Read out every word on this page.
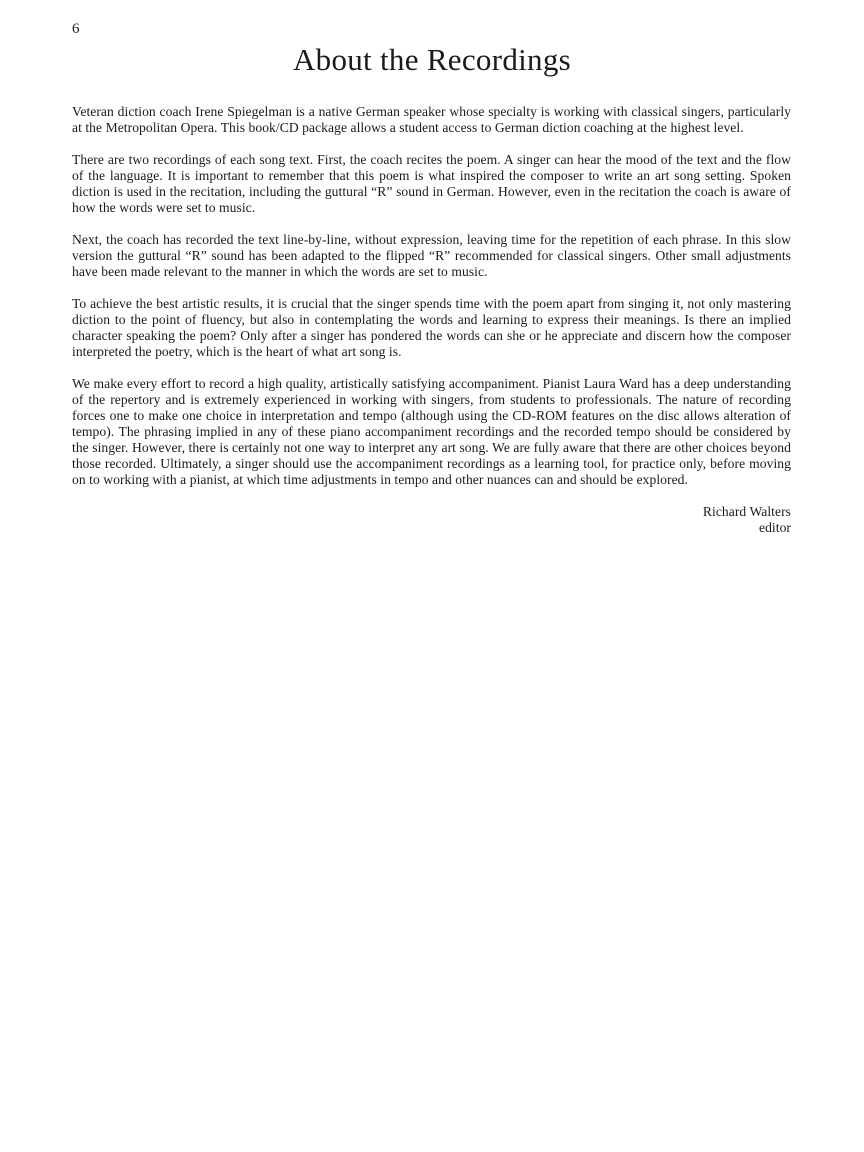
6
About the Recordings

Veteran diction coach Irene Spiegelman is a native German speaker whose specialty is working with classical singers, particularly at the Metropolitan Opera. This book/CD package allows a student access to German diction coaching at the highest level.

There are two recordings of each song text. First, the coach recites the poem. A singer can hear the mood of the text and the flow of the language. It is important to remember that this poem is what inspired the composer to write an art song setting. Spoken diction is used in the recitation, including the guttural “R” sound in German. However, even in the recitation the coach is aware of how the words were set to music.

Next, the coach has recorded the text line-by-line, without expression, leaving time for the repetition of each phrase. In this slow version the guttural “R” sound has been adapted to the flipped “R” recommended for classical singers. Other small adjustments have been made relevant to the manner in which the words are set to music.

To achieve the best artistic results, it is crucial that the singer spends time with the poem apart from singing it, not only mastering diction to the point of fluency, but also in contemplating the words and learning to express their meanings. Is there an implied character speaking the poem? Only after a singer has pondered the words can she or he appreciate and discern how the composer interpreted the poetry, which is the heart of what art song is.

We make every effort to record a high quality, artistically satisfying accompaniment. Pianist Laura Ward has a deep understanding of the repertory and is extremely experienced in working with singers, from students to professionals. The nature of recording forces one to make one choice in interpretation and tempo (although using the CD-ROM features on the disc allows alteration of tempo). The phrasing implied in any of these piano accompaniment recordings and the recorded tempo should be considered by the singer. However, there is certainly not one way to interpret any art song. We are fully aware that there are other choices beyond those recorded. Ultimately, a singer should use the accompaniment recordings as a learning tool, for practice only, before moving on to working with a pianist, at which time adjustments in tempo and other nuances can and should be explored.

Richard Walters
editor
